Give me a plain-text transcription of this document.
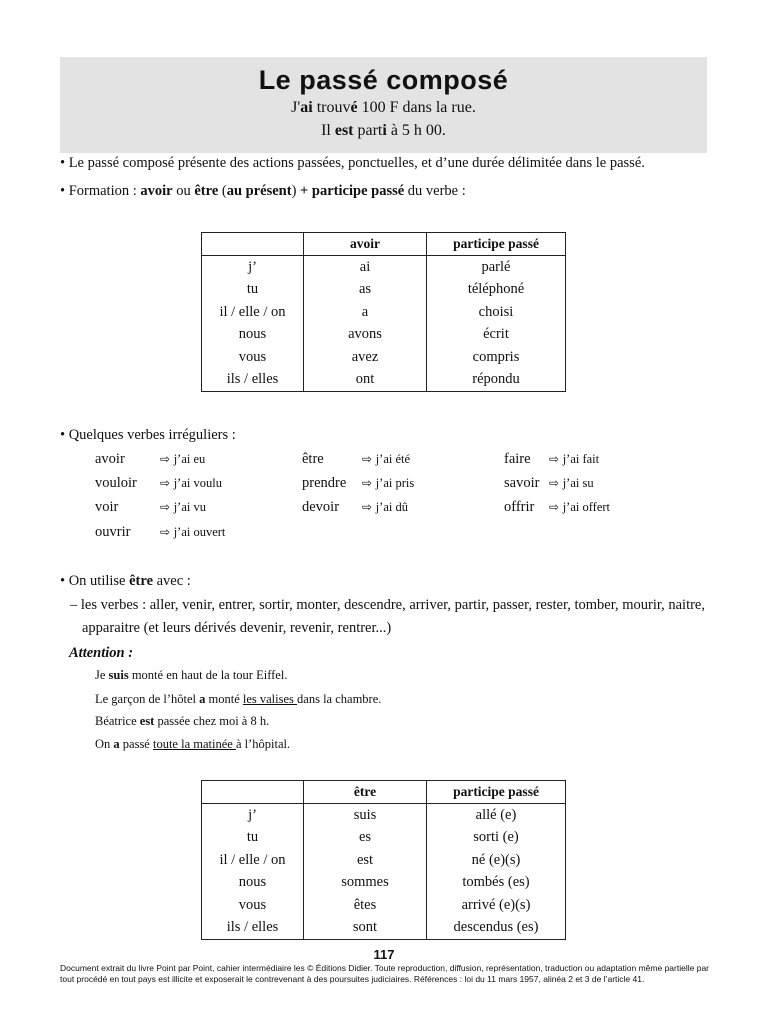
Le passé composé
J'ai trouvé 100 F dans la rue.
Il est parti à 5 h 00.
• Le passé composé présente des actions passées, ponctuelles, et d’une durée délimitée dans le passé.
• Formation : avoir ou être (au présent) + participe passé du verbe :
	avoir	participe passé
j’	ai	parlé
tu	as	téléphoné
il / elle / on	a	choisi
nous	avons	écrit
vous	avez	compris
ils / elles	ont	répondu
• Quelques verbes irréguliers :
avoir	⇨ j’ai eu	être	⇨ j’ai été	faire ⇨ j’ai fait
vouloir ⇨ j’ai voulu	prendre ⇨ j’ai pris	savoir ⇨ j’ai su
voir	⇨ j’ai vu	devoir ⇨ j’ai dû	offrir ⇨ j’ai offert
ouvrir ⇨ j’ai ouvert
• On utilise être avec :
– les verbes : aller, venir, entrer, sortir, monter, descendre, arriver, partir, passer, rester, tomber, mourir, naitre,
apparaitre (et leurs dérivés devenir, revenir, rentrer...)
Attention :
Je suis monté en haut de la tour Eiffel.
Le garçon de l’hôtel a monté les valises dans la chambre.
Béatrice est passée chez moi à 8 h.
On a passé toute la matinée à l’hôpital.
	être	participe passé
j’	suis	allé (e)
tu	es	sorti (e)
il / elle / on	est	né (e)(s)
nous	sommes	tombés (es)
vous	êtes	arrivé (e)(s)
ils / elles	sont	descendus (es)
117
Document extrait du livre Point par Point, cahier intermédiaire les © Éditions Didier. Toute reproduction, diffusion, représentation, traduction ou adaptation même partielle par tout procédé en tout pays est illicite et exposerait le contrevenant à des poursuites judiciaires. Références : loi du 11 mars 1957, alinéa 2 et 3 de l’article 41.
